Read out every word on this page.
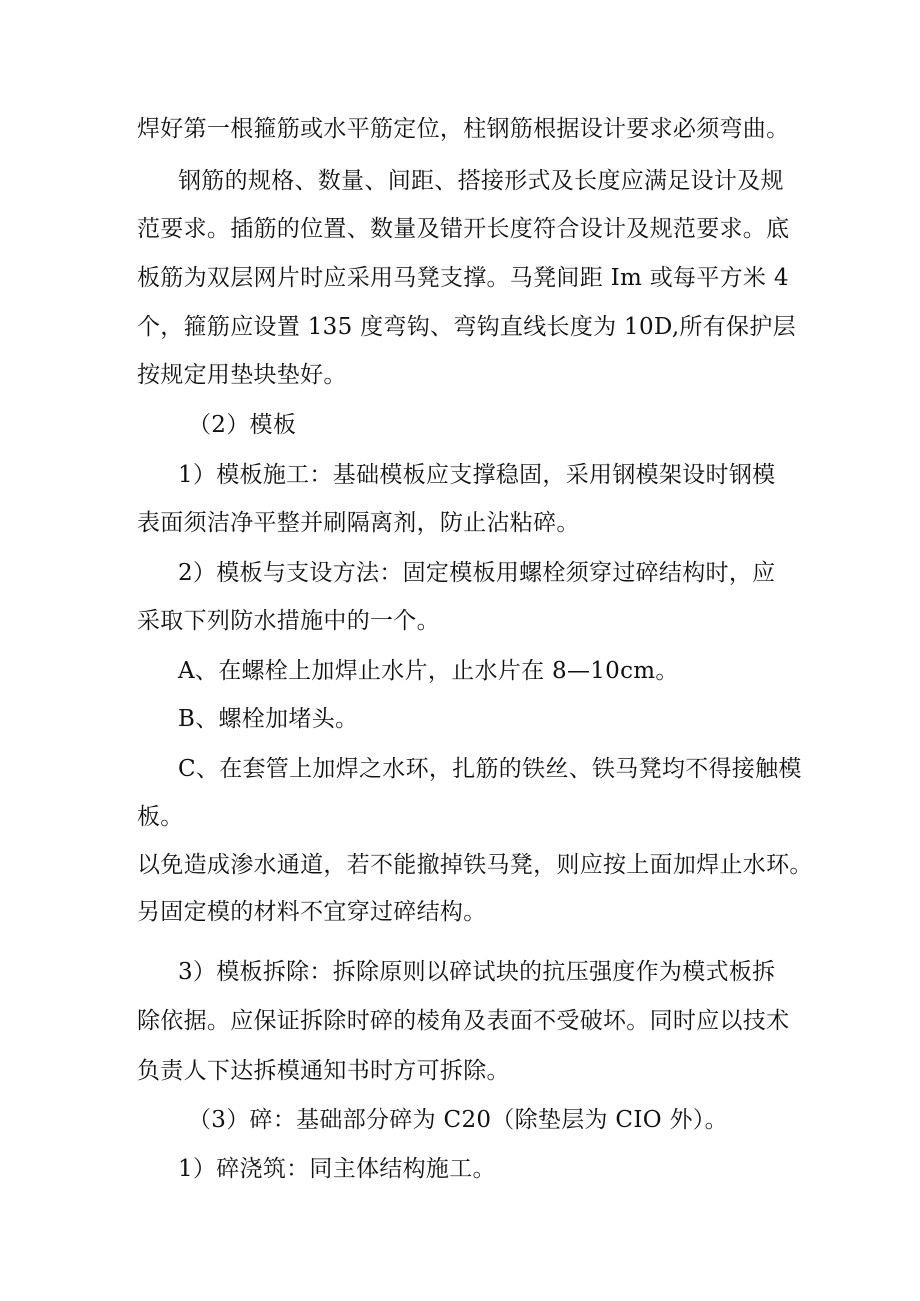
焊好第一根箍筋或水平筋定位，柱钢筋根据设计要求必须弯曲。
钢筋的规格、数量、间距、搭接形式及长度应满足设计及规
范要求。插筋的位置、数量及错开长度符合设计及规范要求。底
板筋为双层网片时应采用马凳支撑。马凳间距 Im 或每平方米 4
个，箍筋应设置 135 度弯钩、弯钩直线长度为 10D,所有保护层
按规定用垫块垫好。
（2）模板
1）模板施工：基础模板应支撑稳固，采用钢模架设时钢模
表面须洁净平整并刷隔离剂，防止沾粘碎。
2）模板与支设方法：固定模板用螺栓须穿过碎结构时，应
采取下列防水措施中的一个。
A、在螺栓上加焊止水片，止水片在 8—10cm。
B、螺栓加堵头。
C、在套管上加焊之水环，扎筋的铁丝、铁马凳均不得接触模
板。
以免造成渗水通道，若不能撤掉铁马凳，则应按上面加焊止水环。
另固定模的材料不宜穿过碎结构。
3）模板拆除：拆除原则以碎试块的抗压强度作为模式板拆
除依据。应保证拆除时碎的棱角及表面不受破坏。同时应以技术
负责人下达拆模通知书时方可拆除。
（3）碎：基础部分碎为 C20（除垫层为 CIO 外）。
1）碎浇筑：同主体结构施工。
